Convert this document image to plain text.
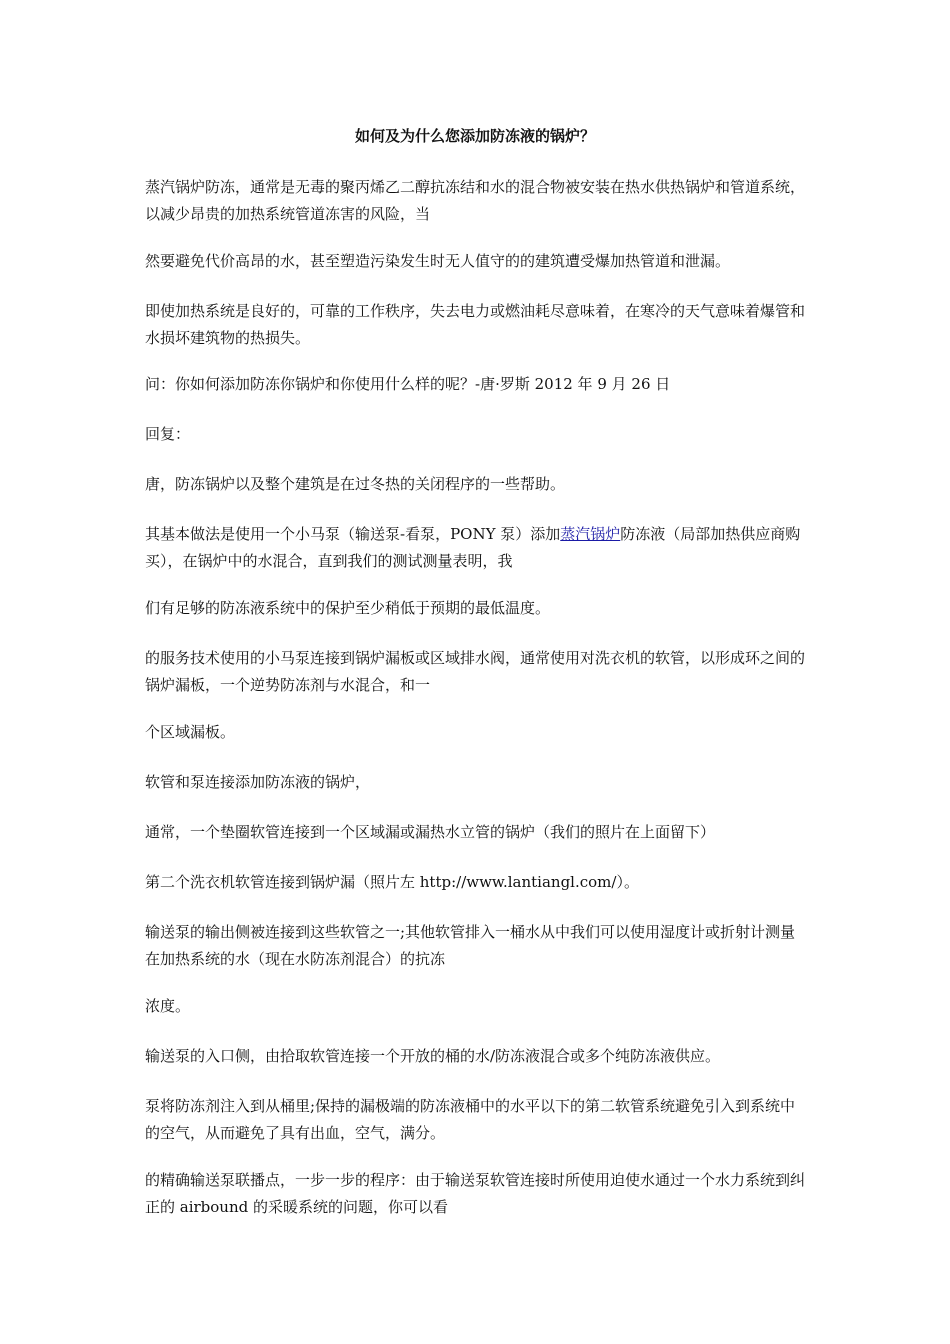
如何及为什么您添加防冻液的锅炉？

蒸汽锅炉防冻，通常是无毒的聚丙烯乙二醇抗冻结和水的混合物被安装在热水供热锅炉和管道系统，以减少昂贵的加热系统管道冻害的风险，当

然要避免代价高昂的水，甚至塑造污染发生时无人值守的的建筑遭受爆加热管道和泄漏。

即使加热系统是良好的，可靠的工作秩序，失去电力或燃油耗尽意味着，在寒冷的天气意味着爆管和水损坏建筑物的热损失。

问：你如何添加防冻你锅炉和你使用什么样的呢？-唐·罗斯 2012 年 9 月 26 日

回复：

唐，防冻锅炉以及整个建筑是在过冬热的关闭程序的一些帮助。

其基本做法是使用一个小马泵（输送泵-看泵，PONY 泵）添加蒸汽锅炉防冻液（局部加热供应商购买），在锅炉中的水混合，直到我们的测试测量表明，我

们有足够的防冻液系统中的保护至少稍低于预期的最低温度。

的服务技术使用的小马泵连接到锅炉漏板或区域排水阀，通常使用对洗衣机的软管，以形成环之间的锅炉漏板，一个逆势防冻剂与水混合，和一

个区域漏板。

软管和泵连接添加防冻液的锅炉，

通常，一个垫圈软管连接到一个区域漏或漏热水立管的锅炉（我们的照片在上面留下）

第二个洗衣机软管连接到锅炉漏（照片左 http://www.lantiangl.com/）。

输送泵的输出侧被连接到这些软管之一;其他软管排入一桶水从中我们可以使用湿度计或折射计测量在加热系统的水（现在水防冻剂混合）的抗冻

浓度。

输送泵的入口侧，由拾取软管连接一个开放的桶的水/防冻液混合或多个纯防冻液供应。

泵将防冻剂注入到从桶里;保持的漏极端的防冻液桶中的水平以下的第二软管系统避免引入到系统中的空气，从而避免了具有出血，空气，满分。

的精确输送泵联播点，一步一步的程序：由于输送泵软管连接时所使用迫使水通过一个水力系统到纠正的 airbound 的采暖系统的问题，你可以看
